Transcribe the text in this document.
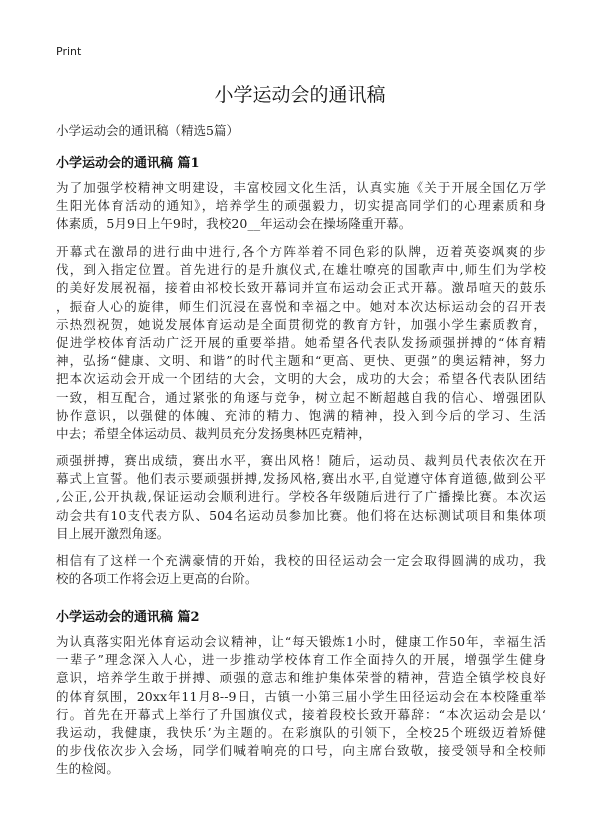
Print
小学运动会的通讯稿

小学运动会的通讯稿（精选5篇）

小学运动会的通讯稿 篇1
为了加强学校精神文明建设，丰富校园文化生活，认真实施《关于开展全国亿万学
生阳光体育活动的通知》，培养学生的顽强毅力，切实提高同学们的心理素质和身
体素质，5月9日上午9时，我校20__年运动会在操场隆重开幕。
开幕式在激昂的进行曲中进行,各个方阵举着不同色彩的队牌，迈着英姿飒爽的步
伐，到入指定位置。首先进行的是升旗仪式,在雄壮嘹亮的国歌声中,师生们为学校
的美好发展祝福，接着由祁校长致开幕词并宣布运动会正式开幕。激昂喧天的鼓乐
，振奋人心的旋律，师生们沉浸在喜悦和幸福之中。她对本次达标运动会的召开表
示热烈祝贺，她说发展体育运动是全面贯彻党的教育方针，加强小学生素质教育，
促进学校体育活动广泛开展的重要举措。她希望各代表队发扬顽强拼搏的“体育精
神，弘扬“健康、文明、和谐”的时代主题和“更高、更快、更强”的奥运精神，努力
把本次运动会开成一个团结的大会，文明的大会，成功的大会；希望各代表队团结
一致，相互配合，通过紧张的角逐与竞争，树立起不断超越自我的信心、增强团队
协作意识，以强健的体魄、充沛的精力、饱满的精神，投入到今后的学习、生活
中去；希望全体运动员、裁判员充分发扬奥林匹克精神，
顽强拼搏，赛出成绩，赛出水平，赛出风格！随后，运动员、裁判员代表依次在开
幕式上宣誓。他们表示要顽强拼搏,发扬风格,赛出水平,自觉遵守体育道德,做到公平
,公正,公开执裁,保证运动会顺利进行。学校各年级随后进行了广播操比赛。本次运
动会共有10支代表方队、504名运动员参加比赛。他们将在达标测试项目和集体项
目上展开激烈角逐。
相信有了这样一个充满豪情的开始，我校的田径运动会一定会取得圆满的成功，我
校的各项工作将会迈上更高的台阶。
小学运动会的通讯稿 篇2
为认真落实阳光体育运动会议精神，让“每天锻炼1小时，健康工作50年，幸福生活
一辈子”理念深入人心，进一步推动学校体育工作全面持久的开展，增强学生健身
意识，培养学生敢于拼搏、顽强的意志和维护集体荣誉的精神，营造全镇学校良好
的体育氛围，20xx年11月8--9日，古镇一小第三届小学生田径运动会在本校隆重举
行。首先在开幕式上举行了升国旗仪式，接着段校长致开幕辞：“本次运动会是以‘
我运动，我健康，我快乐’为主题的。在彩旗队的引领下，全校25个班级迈着矫健
的步伐依次步入会场，同学们喊着响亮的口号，向主席台致敬，接受领导和全校师
生的检阅。
